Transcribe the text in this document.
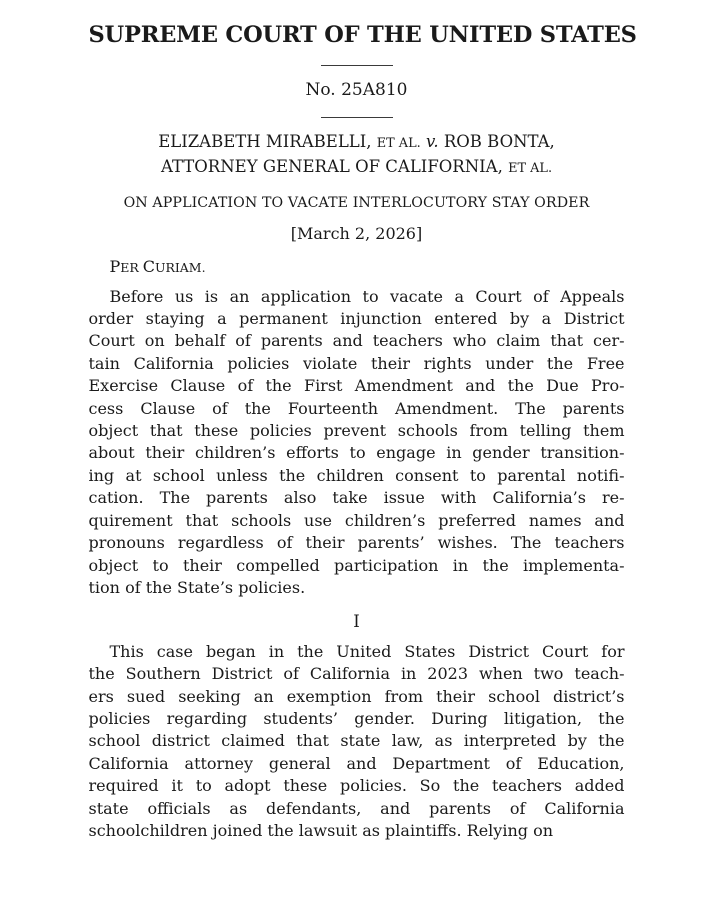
SUPREME COURT OF THE UNITED STATES
No. 25A810
ELIZABETH MIRABELLI, ET AL. v. ROB BONTA,
ATTORNEY GENERAL OF CALIFORNIA, ET AL.
ON APPLICATION TO VACATE INTERLOCUTORY STAY ORDER
[March 2, 2026]
PER CURIAM.
Before us is an application to vacate a Court of Appeals
order staying a permanent injunction entered by a District
Court on behalf of parents and teachers who claim that cer-
tain California policies violate their rights under the Free
Exercise Clause of the First Amendment and the Due Pro-
cess Clause of the Fourteenth Amendment. The parents
object that these policies prevent schools from telling them
about their children’s efforts to engage in gender transition-
ing at school unless the children consent to parental notifi-
cation. The parents also take issue with California’s re-
quirement that schools use children’s preferred names and
pronouns regardless of their parents’ wishes. The teachers
object to their compelled participation in the implementa-
tion of the State’s policies.
I
This case began in the United States District Court for
the Southern District of California in 2023 when two teach-
ers sued seeking an exemption from their school district’s
policies regarding students’ gender. During litigation, the
school district claimed that state law, as interpreted by the
California attorney general and Department of Education,
required it to adopt these policies. So the teachers added
state officials as defendants, and parents of California
schoolchildren joined the lawsuit as plaintiffs. Relying on
